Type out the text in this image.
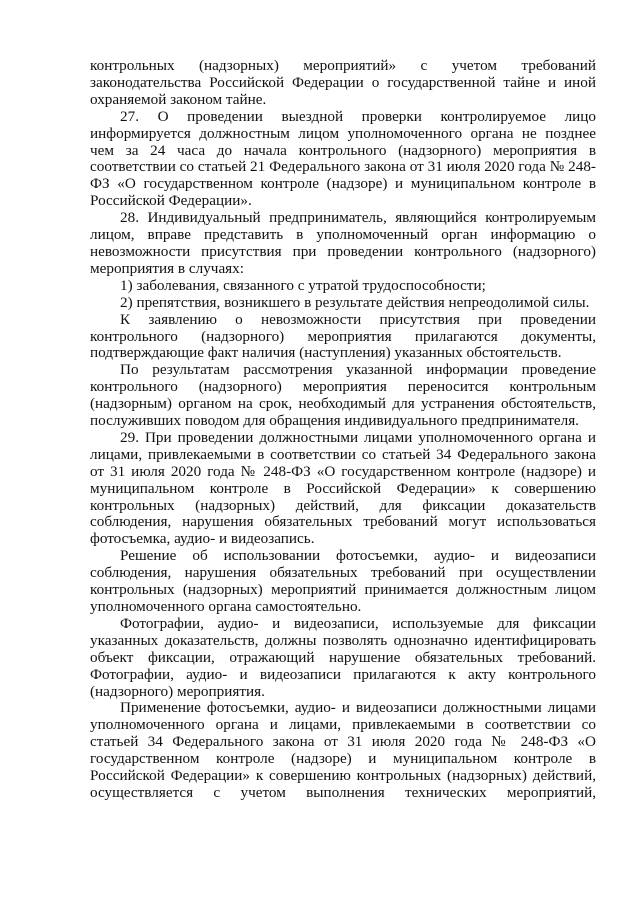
контрольных (надзорных) мероприятий» с учетом требований законодательства Российской Федерации о государственной тайне и иной охраняемой законом тайне.

27. О проведении выездной проверки контролируемое лицо информируется должностным лицом уполномоченного органа не позднее чем за 24 часа до начала контрольного (надзорного) мероприятия в соответствии со статьей 21 Федерального закона от 31 июля 2020 года № 248-ФЗ «О государственном контроле (надзоре) и муниципальном контроле в Российской Федерации».

28. Индивидуальный предприниматель, являющийся контролируемым лицом, вправе представить в уполномоченный орган информацию о невозможности присутствия при проведении контрольного (надзорного) мероприятия в случаях:

1) заболевания, связанного с утратой трудоспособности;

2) препятствия, возникшего в результате действия непреодолимой силы.

К заявлению о невозможности присутствия при проведении контрольного (надзорного) мероприятия прилагаются документы, подтверждающие факт наличия (наступления) указанных обстоятельств.

По результатам рассмотрения указанной информации проведение контрольного (надзорного) мероприятия переносится контрольным (надзорным) органом на срок, необходимый для устранения обстоятельств, послуживших поводом для обращения индивидуального предпринимателя.

29. При проведении должностными лицами уполномоченного органа и лицами, привлекаемыми в соответствии со статьей 34 Федерального закона от 31 июля 2020 года № 248-ФЗ «О государственном контроле (надзоре) и муниципальном контроле в Российской Федерации» к совершению контрольных (надзорных) действий, для фиксации доказательств соблюдения, нарушения обязательных требований могут использоваться фотосъемка, аудио- и видеозапись.

Решение об использовании фотосъемки, аудио- и видеозаписи соблюдения, нарушения обязательных требований при осуществлении контрольных (надзорных) мероприятий принимается должностным лицом уполномоченного органа самостоятельно.

Фотографии, аудио- и видеозаписи, используемые для фиксации указанных доказательств, должны позволять однозначно идентифицировать объект фиксации, отражающий нарушение обязательных требований. Фотографии, аудио- и видеозаписи прилагаются к акту контрольного (надзорного) мероприятия.

Применение фотосъемки, аудио- и видеозаписи должностными лицами уполномоченного органа и лицами, привлекаемыми в соответствии со статьей 34 Федерального закона от 31 июля 2020 года № 248-ФЗ «О государственном контроле (надзоре) и муниципальном контроле в Российской Федерации» к совершению контрольных (надзорных) действий, осуществляется с учетом выполнения технических мероприятий,
